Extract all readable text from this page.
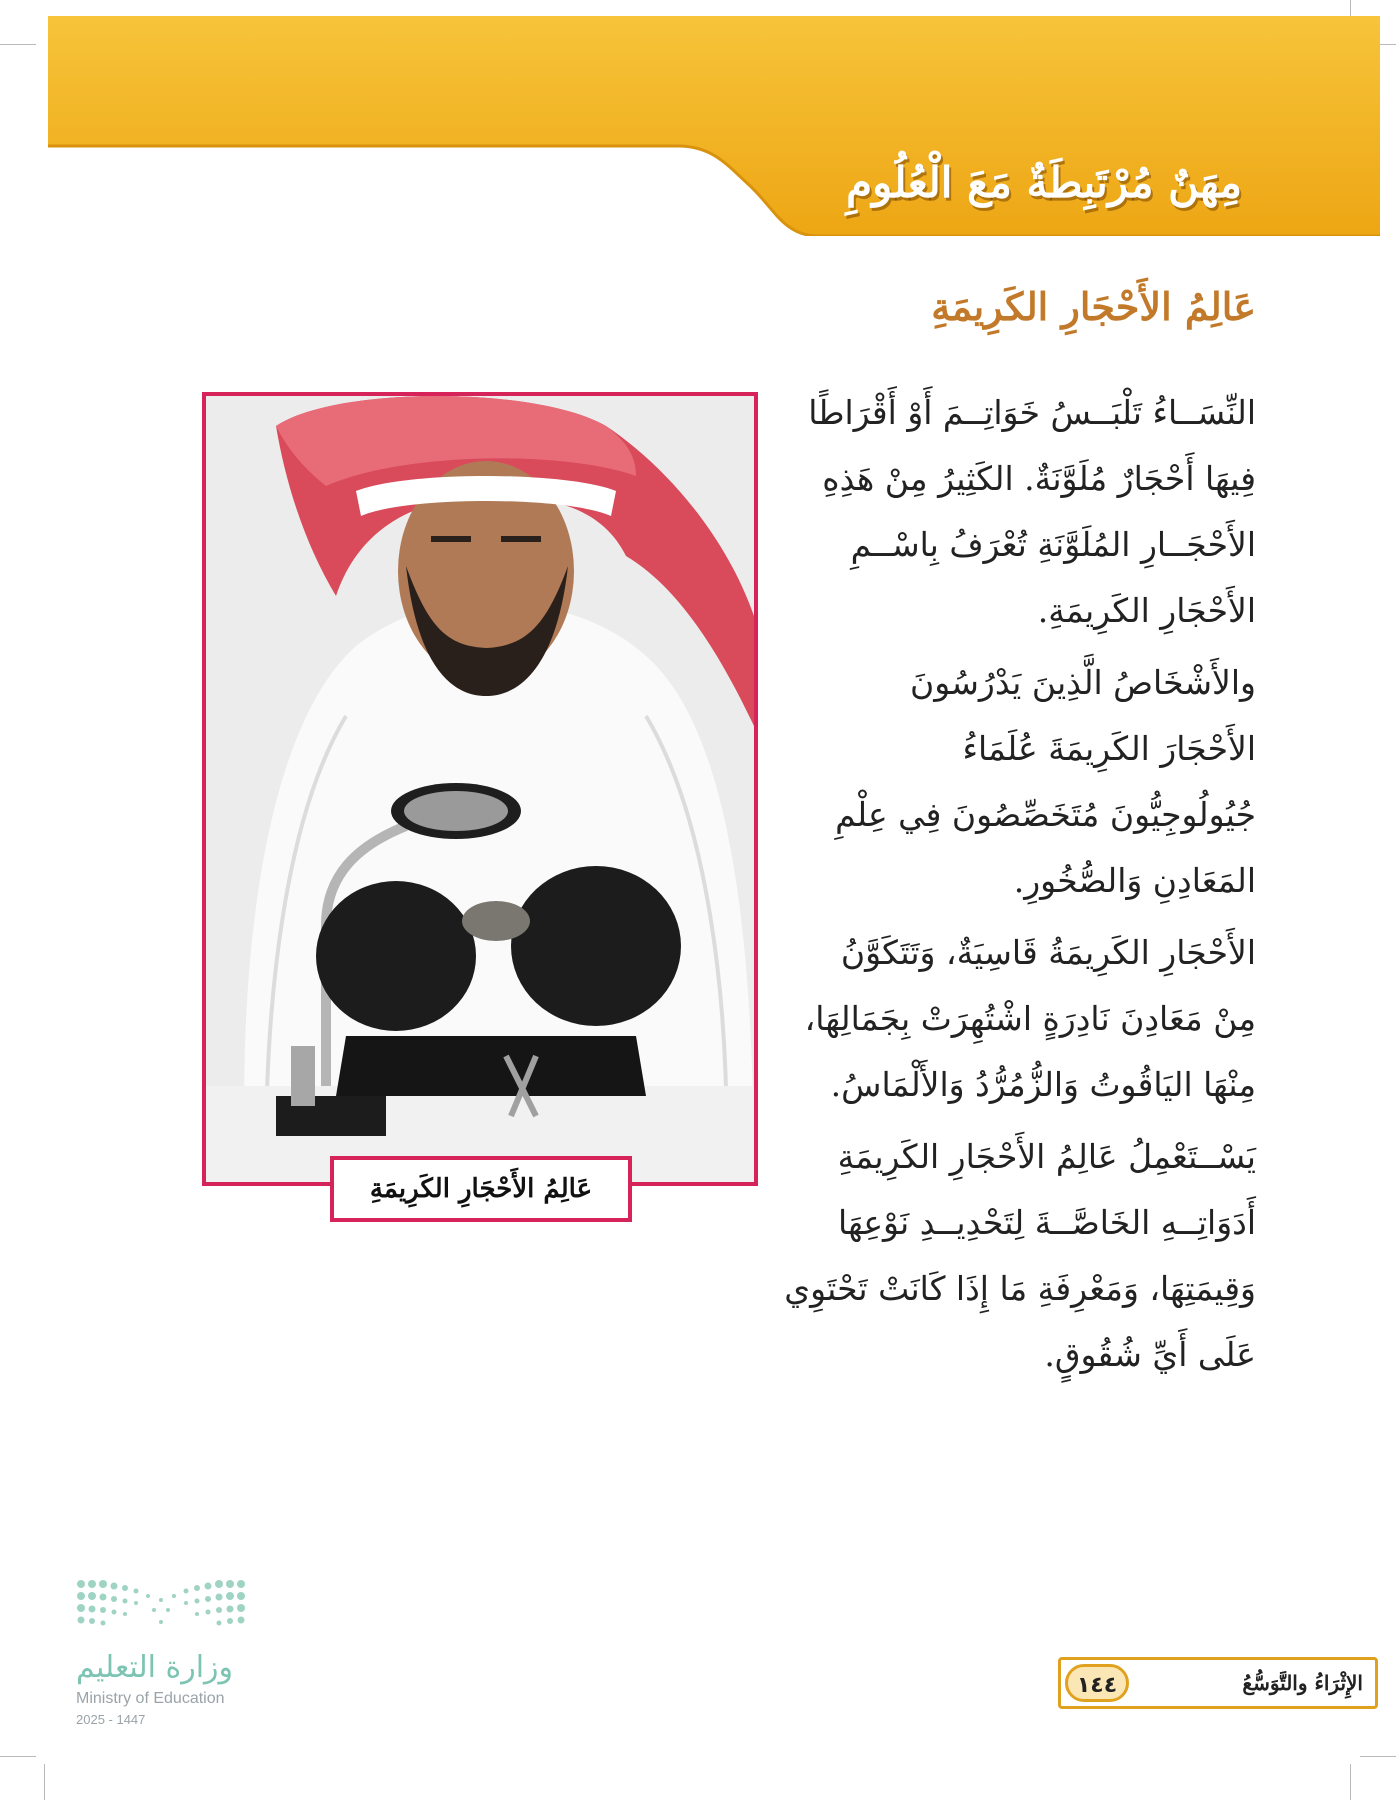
مِهَنٌ مُرْتَبِطَةٌ مَعَ الْعُلُومِ
عَالِمُ الأَحْجَارِ الكَرِيمَةِ
النِّسَــاءُ تَلْبَــسُ خَوَاتِــمَ أَوْ أَقْرَاطًا
فِيهَا أَحْجَارٌ مُلَوَّنَةٌ. الكَثِيرُ مِنْ هَذِهِ
الأَحْجَــارِ المُلَوَّنَةِ تُعْرَفُ بِاسْــمِ
الأَحْجَارِ الكَرِيمَةِ.
والأَشْخَاصُ الَّذِينَ يَدْرُسُونَ
الأَحْجَارَ الكَرِيمَةَ عُلَمَاءُ
جُيُولُوجِيُّونَ مُتَخَصِّصُونَ فِي عِلْمِ
المَعَادِنِ وَالصُّخُورِ.
الأَحْجَارِ الكَرِيمَةُ قَاسِيَةٌ، وَتَتَكَوَّنُ
مِنْ مَعَادِنَ نَادِرَةٍ اشْتُهِرَتْ بِجَمَالِهَا،
مِنْهَا اليَاقُوتُ وَالزُّمُرُّدُ وَالأَلْمَاسُ.
يَسْــتَعْمِلُ عَالِمُ الأَحْجَارِ الكَرِيمَةِ
أَدَوَاتِــهِ الخَاصَّــةَ لِتَحْدِيــدِ نَوْعِهَا
وَقِيمَتِهَا، وَمَعْرِفَةِ مَا إِذَا كَانَتْ تَحْتَوِي
عَلَى أَيِّ شُقُوقٍ.
عَالِمُ الأَحْجَارِ الكَرِيمَةِ
١٤٤	الإِثْرَاءُ والتَّوَسُّعُ
وزارة التعليم
Ministry of Education
2025 - 1447
